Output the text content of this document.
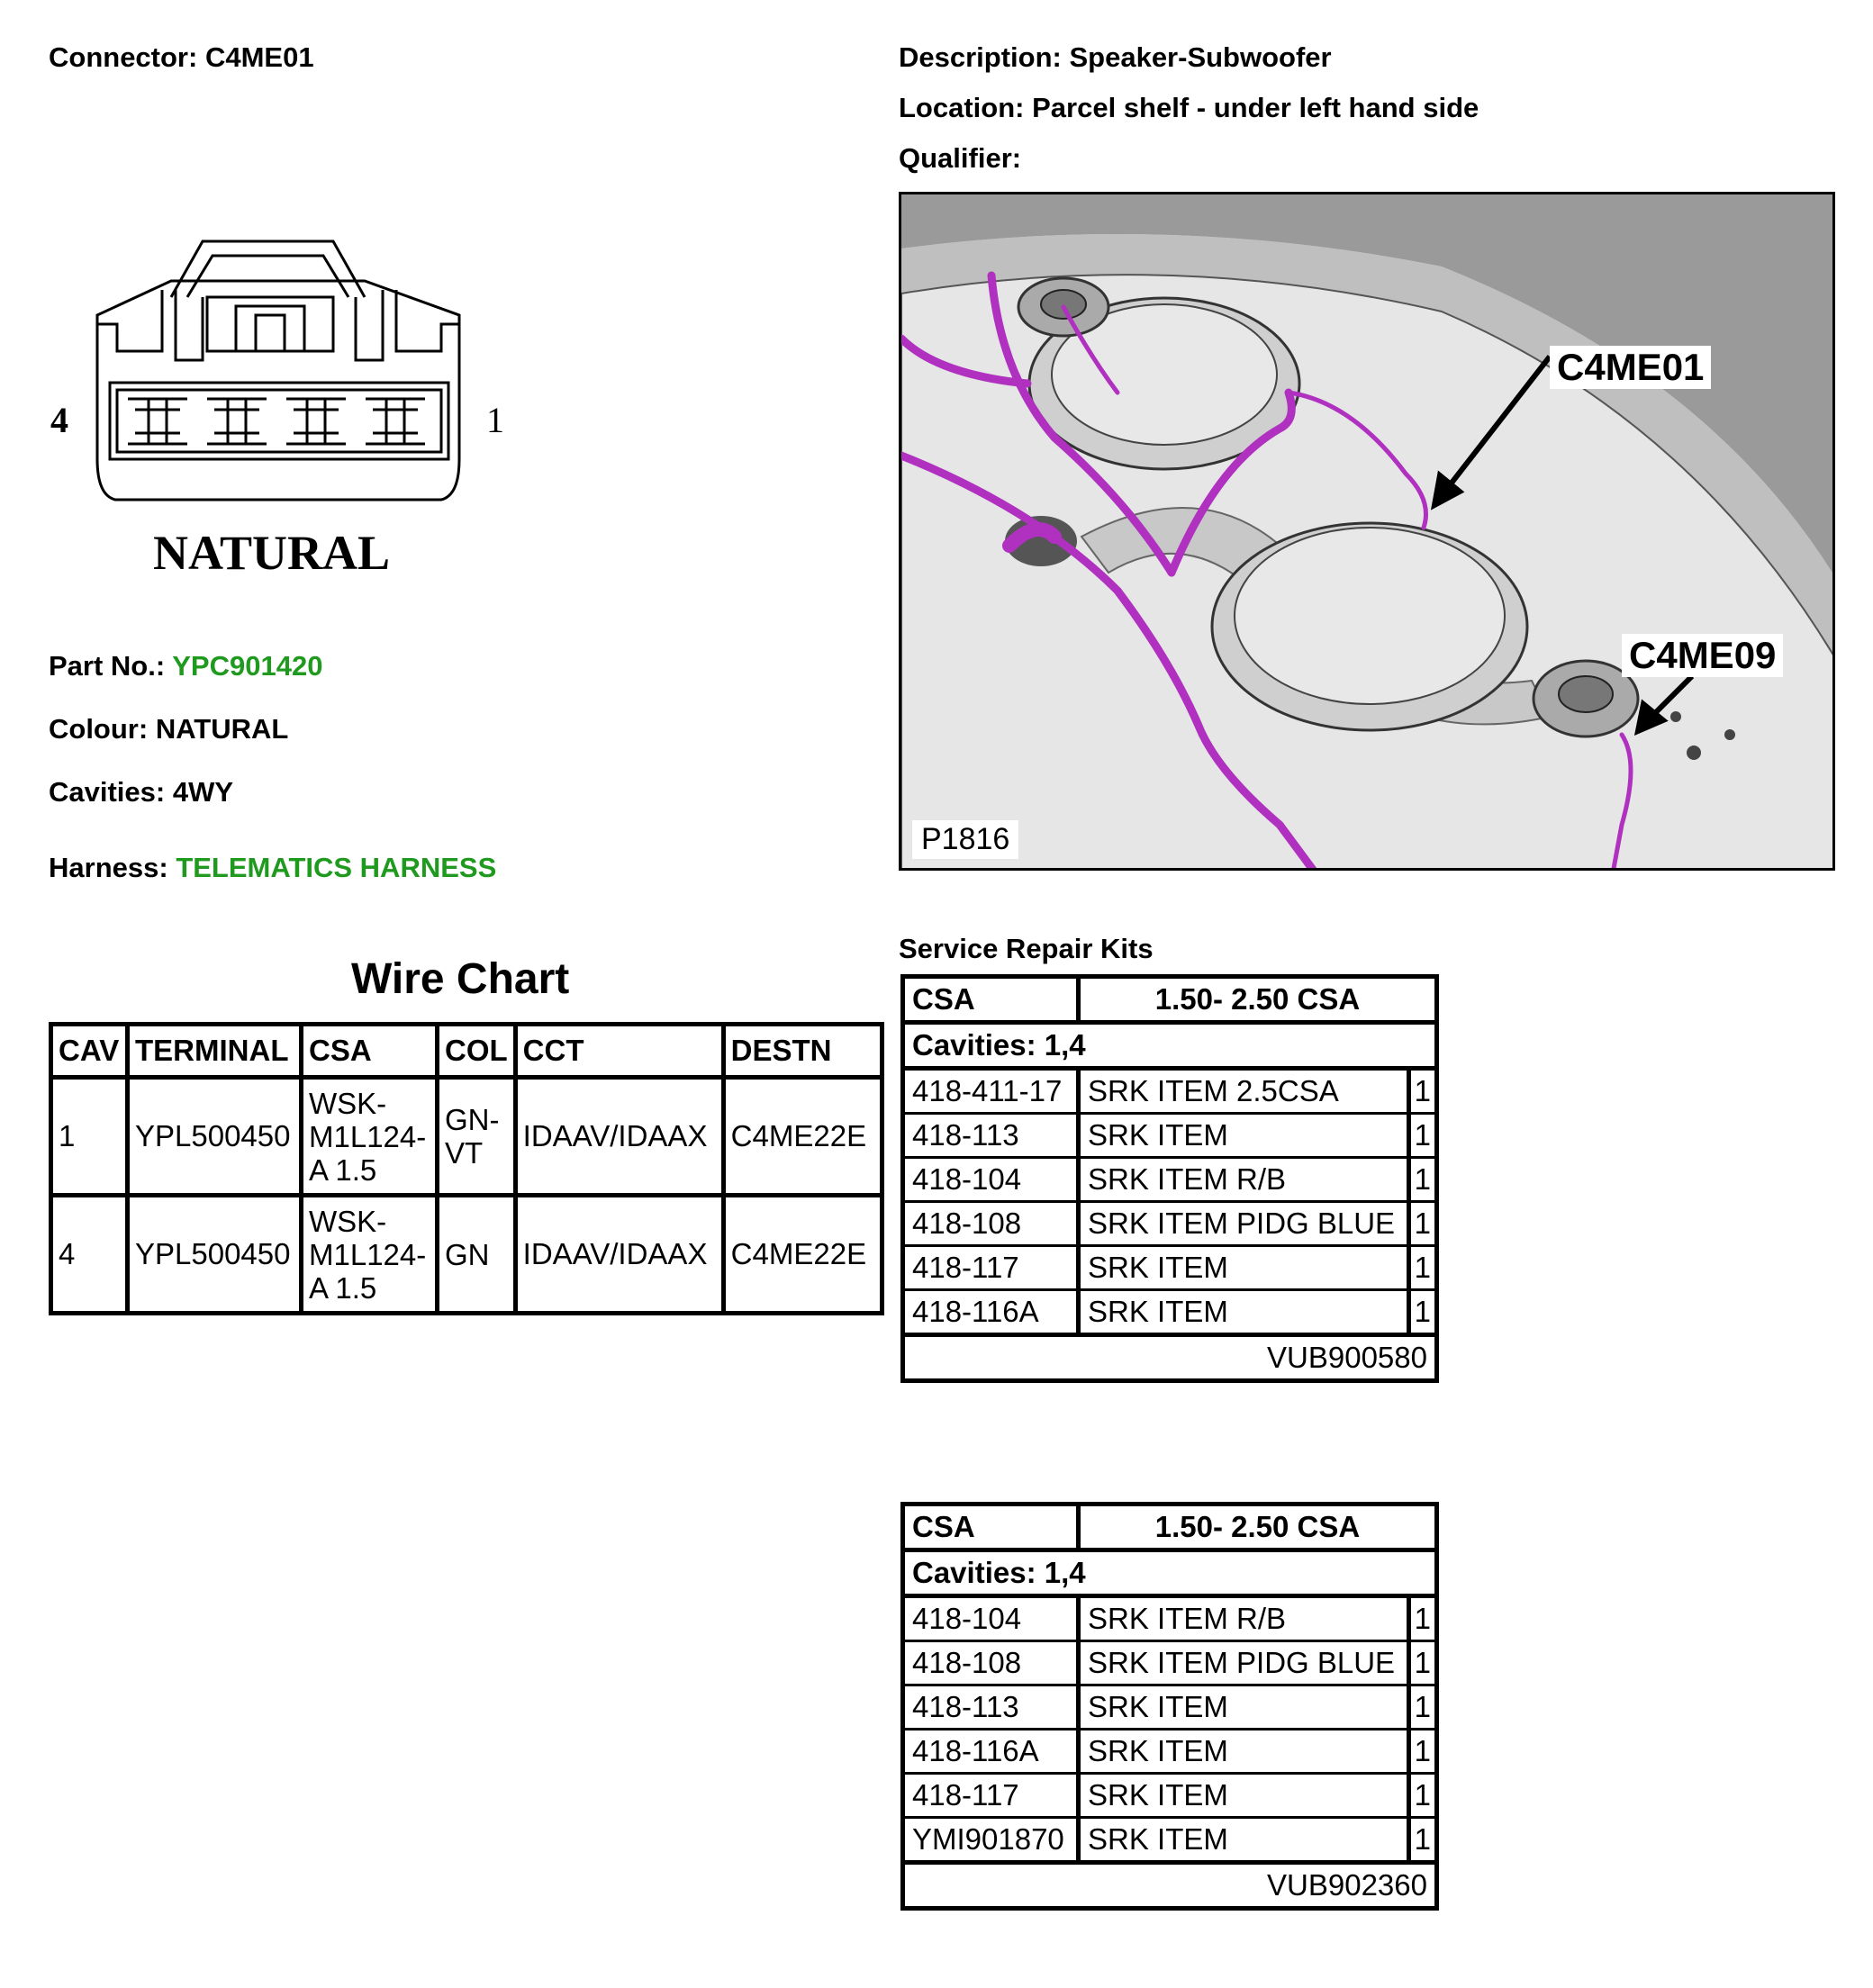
Connector: C4ME01	Description: Speaker-Subwoofer
Location: Parcel shelf - under left hand side
Qualifier:
4	1
NATURAL
Part No.: YPC901420
Colour: NATURAL
Cavities: 4WY
Harness: TELEMATICS HARNESS
C4ME01
C4ME09
P1816
Wire Chart
CAV	TERMINAL	CSA	COL	CCT	DESTN
1	YPL500450	WSK-M1L124-A 1.5	GN-VT	IDAAV/IDAAX	C4ME22E
4	YPL500450	WSK-M1L124-A 1.5	GN	IDAAV/IDAAX	C4ME22E
Service Repair Kits
CSA	1.50- 2.50 CSA	
Cavities: 1,4		
418-411-17	SRK ITEM 2.5CSA	1
418-113	SRK ITEM	1
418-104	SRK ITEM R/B	1
418-108	SRK ITEM PIDG BLUE	1
418-117	SRK ITEM	1
418-116A	SRK ITEM	1
VUB900580		
CSA	1.50- 2.50 CSA	
Cavities: 1,4		
418-104	SRK ITEM R/B	1
418-108	SRK ITEM PIDG BLUE	1
418-113	SRK ITEM	1
418-116A	SRK ITEM	1
418-117	SRK ITEM	1
YMI901870	SRK ITEM	1
VUB902360		
